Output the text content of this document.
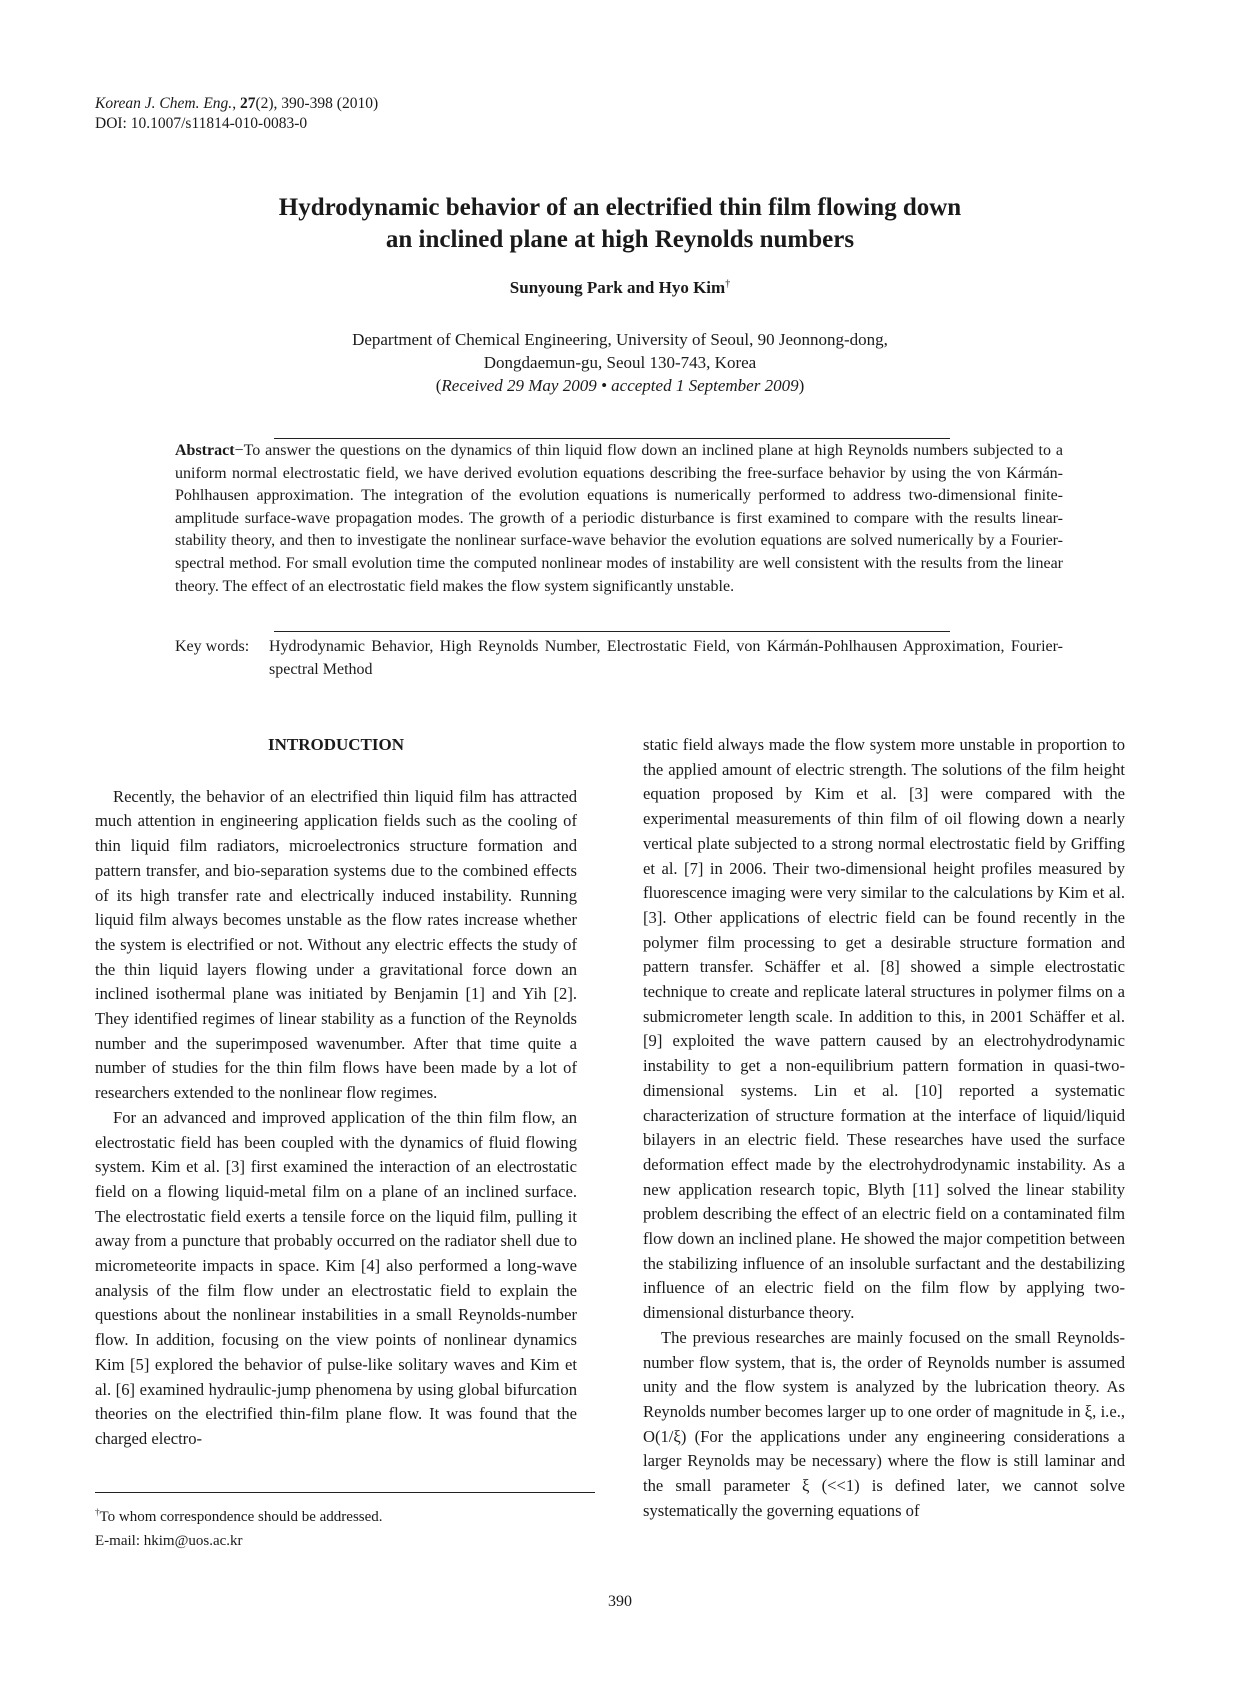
Korean J. Chem. Eng., 27(2), 390-398 (2010)
DOI: 10.1007/s11814-010-0083-0
Hydrodynamic behavior of an electrified thin film flowing down
an inclined plane at high Reynolds numbers
Sunyoung Park and Hyo Kim†
Department of Chemical Engineering, University of Seoul, 90 Jeonnong-dong,
Dongdaemun-gu, Seoul 130-743, Korea
(Received 29 May 2009 • accepted 1 September 2009)
Abstract−To answer the questions on the dynamics of thin liquid flow down an inclined plane at high Reynolds numbers subjected to a uniform normal electrostatic field, we have derived evolution equations describing the free-surface behavior by using the von Kármán-Pohlhausen approximation. The integration of the evolution equations is numerically performed to address two-dimensional finite-amplitude surface-wave propagation modes. The growth of a periodic disturbance is first examined to compare with the results linear-stability theory, and then to investigate the nonlinear surface-wave behavior the evolution equations are solved numerically by a Fourier-spectral method. For small evolution time the computed nonlinear modes of instability are well consistent with the results from the linear theory. The effect of an electrostatic field makes the flow system significantly unstable.
Key words: Hydrodynamic Behavior, High Reynolds Number, Electrostatic Field, von Kármán-Pohlhausen Approximation, Fourier-spectral Method

INTRODUCTION

Recently, the behavior of an electrified thin liquid film has attracted much attention in engineering application fields such as the cooling of thin liquid film radiators, microelectronics structure formation and pattern transfer, and bio-separation systems due to the combined effects of its high transfer rate and electrically induced instability. Running liquid film always becomes unstable as the flow rates increase whether the system is electrified or not. Without any electric effects the study of the thin liquid layers flowing under a gravitational force down an inclined isothermal plane was initiated by Benjamin [1] and Yih [2]. They identified regimes of linear stability as a function of the Reynolds number and the superimposed wavenumber. After that time quite a number of studies for the thin film flows have been made by a lot of researchers extended to the nonlinear flow regimes.

For an advanced and improved application of the thin film flow, an electrostatic field has been coupled with the dynamics of fluid flowing system. Kim et al. [3] first examined the interaction of an electrostatic field on a flowing liquid-metal film on a plane of an inclined surface. The electrostatic field exerts a tensile force on the liquid film, pulling it away from a puncture that probably occurred on the radiator shell due to micrometeorite impacts in space. Kim [4] also performed a long-wave analysis of the film flow under an electrostatic field to explain the questions about the nonlinear instabilities in a small Reynolds-number flow. In addition, focusing on the view points of nonlinear dynamics Kim [5] explored the behavior of pulse-like solitary waves and Kim et al. [6] examined hydraulic-jump phenomena by using global bifurcation theories on the electrified thin-film plane flow. It was found that the charged electro-

static field always made the flow system more unstable in proportion to the applied amount of electric strength. The solutions of the film height equation proposed by Kim et al. [3] were compared with the experimental measurements of thin film of oil flowing down a nearly vertical plate subjected to a strong normal electrostatic field by Griffing et al. [7] in 2006. Their two-dimensional height profiles measured by fluorescence imaging were very similar to the calculations by Kim et al. [3]. Other applications of electric field can be found recently in the polymer film processing to get a desirable structure formation and pattern transfer. Schäffer et al. [8] showed a simple electrostatic technique to create and replicate lateral structures in polymer films on a submicrometer length scale. In addition to this, in 2001 Schäffer et al. [9] exploited the wave pattern caused by an electrohydrodynamic instability to get a non-equilibrium pattern formation in quasi-two-dimensional systems. Lin et al. [10] reported a systematic characterization of structure formation at the interface of liquid/liquid bilayers in an electric field. These researches have used the surface deformation effect made by the electrohydrodynamic instability. As a new application research topic, Blyth [11] solved the linear stability problem describing the effect of an electric field on a contaminated film flow down an inclined plane. He showed the major competition between the stabilizing influence of an insoluble surfactant and the destabilizing influence of an electric field on the film flow by applying two-dimensional disturbance theory.

The previous researches are mainly focused on the small Reynolds-number flow system, that is, the order of Reynolds number is assumed unity and the flow system is analyzed by the lubrication theory. As Reynolds number becomes larger up to one order of magnitude in ξ, i.e., O(1/ξ) (For the applications under any engineering considerations a larger Reynolds may be necessary) where the flow is still laminar and the small parameter ξ (<<1) is defined later, we cannot solve systematically the governing equations of

†To whom correspondence should be addressed.
E-mail: hkim@uos.ac.kr
390
